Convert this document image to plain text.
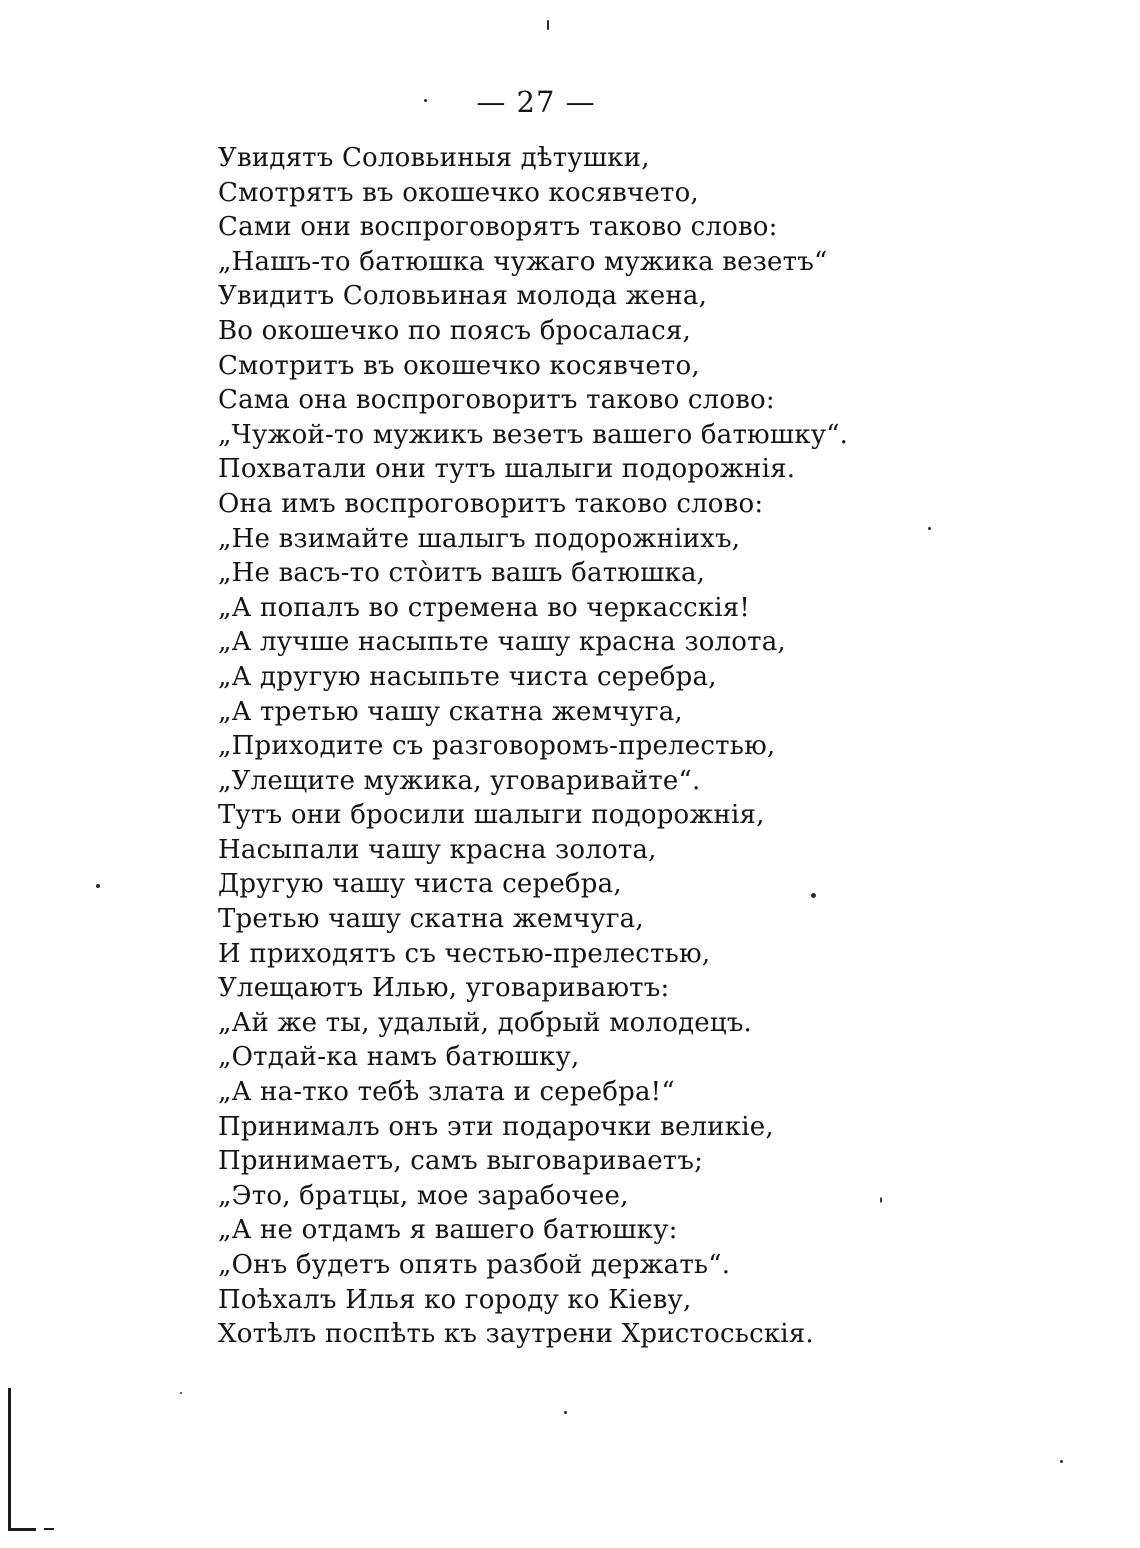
— 27 —
Увидятъ Соловьиныя дѣтушки,
Смотрятъ въ окошечко косявчето,
Сами они воспроговорятъ таково слово:
„Нашъ-то батюшка чужаго мужика везетъ“
Увидитъ Соловьиная молода жена,
Во окошечко по поясъ бросалася,
Смотритъ въ окошечко косявчето,
Сама она воспроговоритъ таково слово:
„Чужой-то мужикъ везетъ вашего батюшку“.
Похватали они тутъ шалыги подорожнія.
Она имъ воспроговоритъ таково слово:
„Не взимайте шалыгъ подорожніихъ,
„Не васъ-то стòитъ вашъ батюшка,
„А попалъ во стремена во черкасскія!
„А лучше насыпьте чашу красна золота,
„А другую насыпьте чиста серебра,
„А третью чашу скатна жемчуга,
„Приходите съ разговоромъ-прелестью,
„Улещите мужика, уговаривайте“.
Тутъ они бросили шалыги подорожнія,
Насыпали чашу красна золота,
Другую чашу чиста серебра,
Третью чашу скатна жемчуга,
И приходятъ съ честью-прелестью,
Улещаютъ Илью, уговариваютъ:
„Ай же ты, удалый, добрый молодецъ.
„Отдай-ка намъ батюшку,
„А на-тко тебѣ злата и серебра!“
Принималъ онъ эти подарочки великіе,
Принимаетъ, самъ выговариваетъ;
„Это, братцы, мое зарабочее,
„А не отдамъ я вашего батюшку:
„Онъ будетъ опять разбой держать“.
Поѣхалъ Илья ко городу ко Кіеву,
Хотѣлъ поспѣть къ заутрени Христосьскія.
